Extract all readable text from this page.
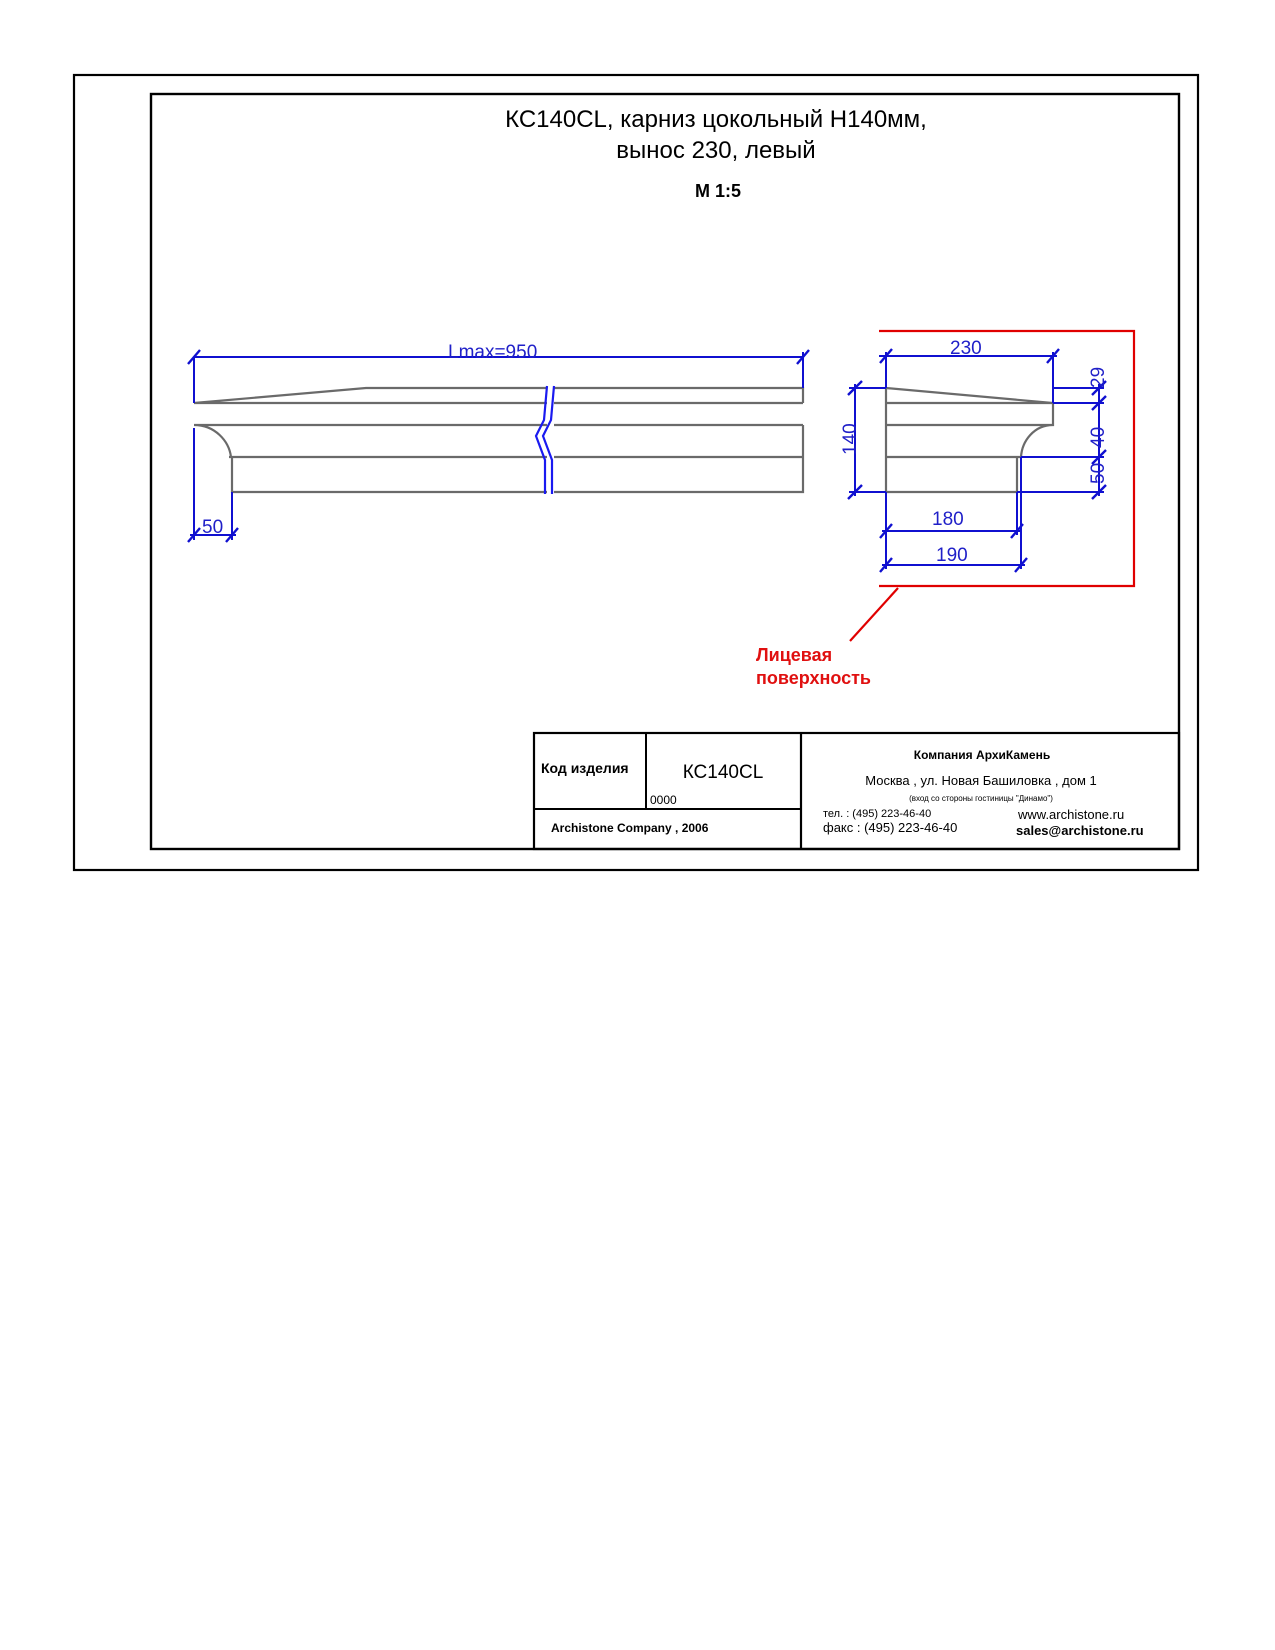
КС140CL, карниз цокольный Н140мм,
вынос 230, левый
М 1:5
Lmax=950
50
230
140
29
40
50
180
190
Лицевая
поверхность
Код изделия	КС140CL
0000
Archistone Company , 2006
Компания АрхиКамень
Москва , ул. Новая Башиловка , дом 1
(вход со стороны гостиницы "Динамо")
тел. : (495) 223-46-40
факс : (495) 223-46-40
www.archistone.ru
sales@archistone.ru
